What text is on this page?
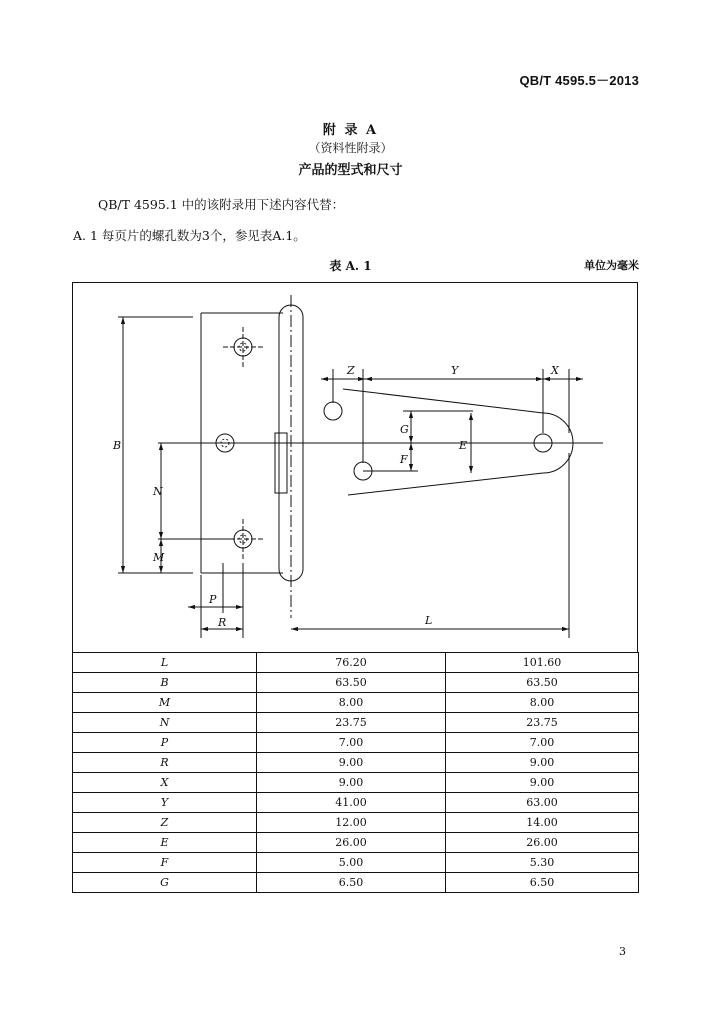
QB/T 4595.5－2013
附 录 A
（资料性附录）
产品的型式和尺寸
QB/T 4595.1 中的该附录用下述内容代替：
A. 1 每页片的螺孔数为3个，参见表A.1。
表 A. 1	单位为毫米
B
N
M
P
R
Z	Y	X
G
F
E
L
L	76.20	101.60
B	63.50	63.50
M	8.00	8.00
N	23.75	23.75
P	7.00	7.00
R	9.00	9.00
X	9.00	9.00
Y	41.00	63.00
Z	12.00	14.00
E	26.00	26.00
F	5.00	5.30
G	6.50	6.50
3
